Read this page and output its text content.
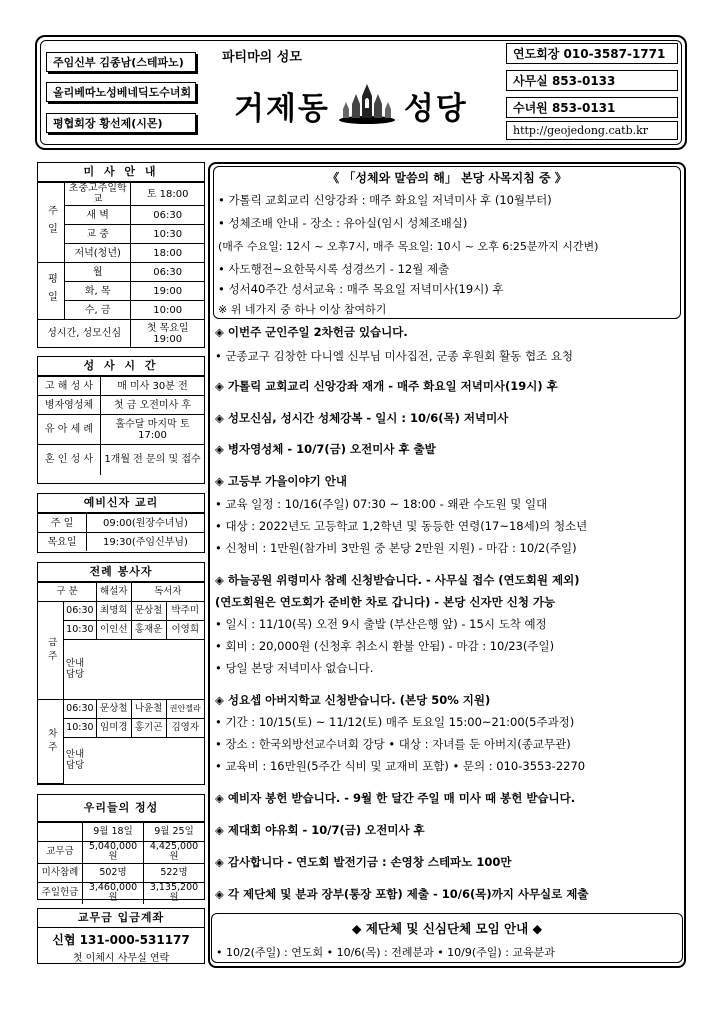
주임신부 김종남(스테파노)
올리베따노성베네딕도수녀회
평협회장 황선제(시몬)
파티마의 성모
거제동 성당
연도회장 010-3587-1771
사무실 853-0133
수녀원 853-0131
http://geojedong.catb.kr
미 사 안 내
주일	초중고주일학교	토 18:00
	새 벽	06:30
	교 중	10:30
	저녁(청년)	18:00
평일	월	06:30
	화, 목	19:00
	수, 금	10:00
성시간, 성모신심		첫 목요일 19:00
성 사 시 간
고 해 성 사	매 미사 30분 전
병자영성체	첫 금 오전미사 후
유 아 세 례	홀수달 마지막 토 17:00
혼 인 성 사	1개월 전 문의 및 접수
예비신자 교리
주 일	09:00(원장수녀님)
목요일	19:30(주임신부님)
전례 봉사자
구 분		해설자	독서자	
금주	06:30	최명희	문상철	박주미
	10:30	이인선	홍재운	이영희
	안내 담당			
차주	06:30	문상철	나윤철	권안젤라
	10:30	임미경	홍기곤	김영자
	안내 담당			
우리들의 정성
	9월 18일	9월 25일
교무금	5,040,000원	4,425,000원
미사참례	502명	522명
주일헌금	3,460,000원	3,135,200원
교무금 입금계좌
신협 131-000-531177
첫 이체시 사무실 연락
《 「성체와 말씀의 해」 본당 사목지침 중 》
• 가톨릭 교회교리 신앙강좌 : 매주 화요일 저녁미사 후 (10월부터)
• 성체조배 안내 - 장소 : 유아실(임시 성체조배실)
(매주 수요일: 12시 ~ 오후7시, 매주 목요일: 10시 ~ 오후 6:25분까지 시간변)
• 사도행전~요한묵시록 성경쓰기 - 12월 제출
• 성서40주간 성서교육 : 매주 목요일 저녁미사(19시) 후
※ 위 네가지 중 하나 이상 참여하기
◈ 이번주 군인주일 2차헌금 있습니다.
• 군종교구 김창한 다니엘 신부님 미사집전, 군종 후원회 활동 협조 요청
◈ 가톨릭 교회교리 신앙강좌 재개 - 매주 화요일 저녁미사(19시) 후
◈ 성모신심, 성시간 성체강복 - 일시 : 10/6(목) 저녁미사
◈ 병자영성체 - 10/7(금) 오전미사 후 출발
◈ 고등부 가을이야기 안내
• 교육 일정 : 10/16(주일) 07:30 ~ 18:00 - 왜관 수도원 및 일대
• 대상 : 2022년도 고등학교 1,2학년 및 동등한 연령(17~18세)의 청소년
• 신청비 : 1만원(참가비 3만원 중 본당 2만원 지원) - 마감 : 10/2(주일)
◈ 하늘공원 위령미사 참례 신청받습니다. - 사무실 접수 (연도회원 제외)
(연도회원은 연도회가 준비한 차로 갑니다) - 본당 신자만 신청 가능
• 일시 : 11/10(목) 오전 9시 출발 (부산은행 앞) - 15시 도착 예정
• 회비 : 20,000원 (신청후 취소시 환불 안됨) - 마감 : 10/23(주일)
• 당일 본당 저녁미사 없습니다.
◈ 성요셉 아버지학교 신청받습니다. (본당 50% 지원)
• 기간 : 10/15(토) ~ 11/12(토) 매주 토요일 15:00~21:00(5주과정)
• 장소 : 한국외방선교수녀회 강당 • 대상 : 자녀를 둔 아버지(종교무관)
• 교육비 : 16만원(5주간 식비 및 교재비 포함) • 문의 : 010-3553-2270
◈ 예비자 봉헌 받습니다. - 9월 한 달간 주일 매 미사 때 봉헌 받습니다.
◈ 제대회 야유회 - 10/7(금) 오전미사 후
◈ 감사합니다 - 연도회 발전기금 : 손영창 스테파노 100만
◈ 각 제단체 및 분과 장부(통장 포함) 제출 - 10/6(목)까지 사무실로 제출
◆ 제단체 및 신심단체 모임 안내 ◆
• 10/2(주일) : 연도회 • 10/6(목) : 전례분과 • 10/9(주일) : 교육분과
